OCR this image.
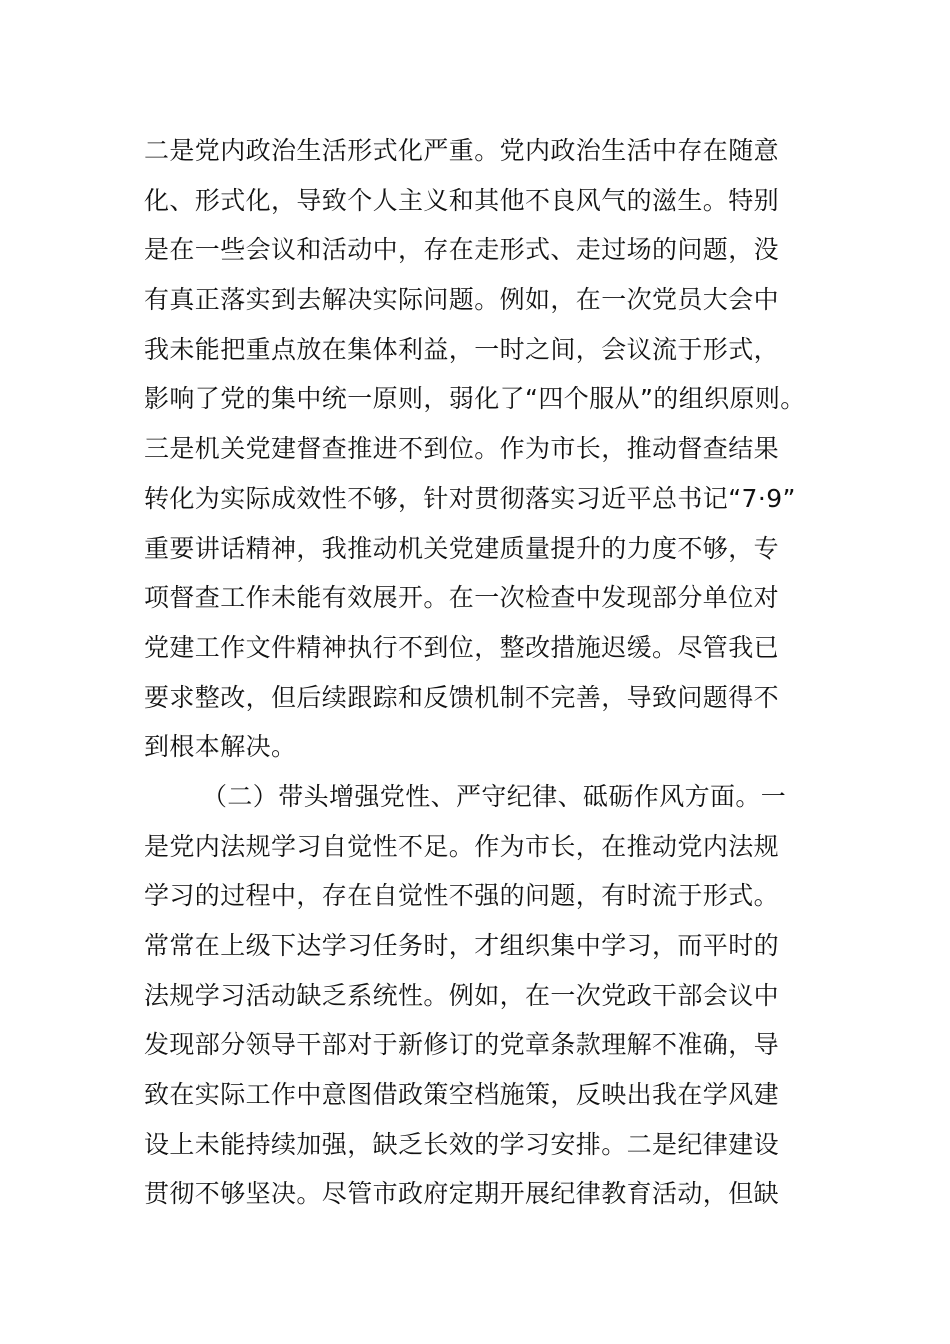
二是党内政治生活形式化严重。党内政治生活中存在随意
化、形式化，导致个人主义和其他不良风气的滋生。特别
是在一些会议和活动中，存在走形式、走过场的问题，没
有真正落实到去解决实际问题。例如，在一次党员大会中
我未能把重点放在集体利益，一时之间，会议流于形式，
影响了党的集中统一原则，弱化了“四个服从”的组织原则。
三是机关党建督查推进不到位。作为市长，推动督查结果
转化为实际成效性不够，针对贯彻落实习近平总书记“7·9”
重要讲话精神，我推动机关党建质量提升的力度不够，专
项督查工作未能有效展开。在一次检查中发现部分单位对
党建工作文件精神执行不到位，整改措施迟缓。尽管我已
要求整改，但后续跟踪和反馈机制不完善，导致问题得不
到根本解决。
（二）带头增强党性、严守纪律、砥砺作风方面。一
是党内法规学习自觉性不足。作为市长，在推动党内法规
学习的过程中，存在自觉性不强的问题，有时流于形式。
常常在上级下达学习任务时，才组织集中学习，而平时的
法规学习活动缺乏系统性。例如，在一次党政干部会议中
发现部分领导干部对于新修订的党章条款理解不准确，导
致在实际工作中意图借政策空档施策，反映出我在学风建
设上未能持续加强，缺乏长效的学习安排。二是纪律建设
贯彻不够坚决。尽管市政府定期开展纪律教育活动，但缺
